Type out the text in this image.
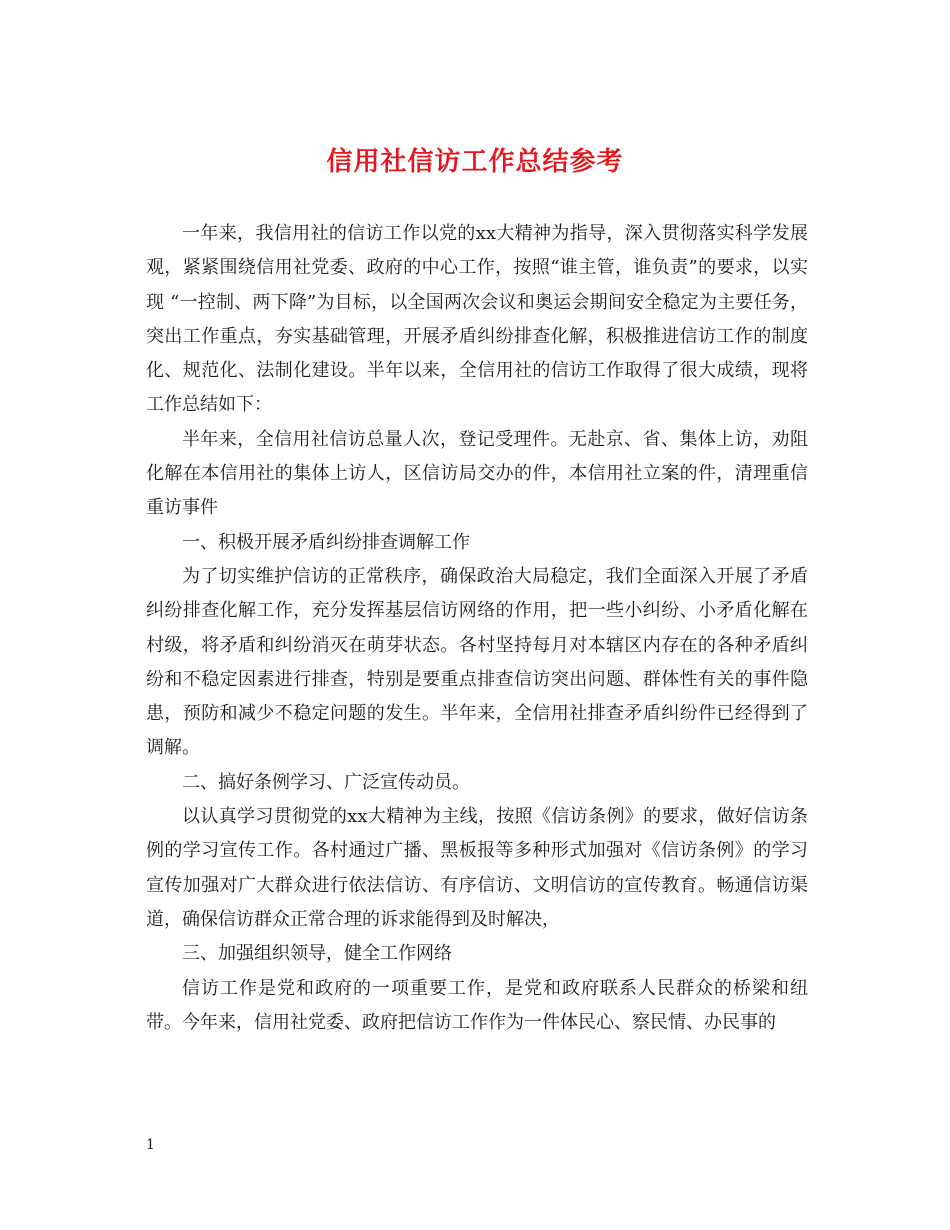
信用社信访工作总结参考

一年来，我信用社的信访工作以党的xx大精神为指导，深入贯彻落实科学发展观，紧紧围绕信用社党委、政府的中心工作，按照“谁主管，谁负责”的要求，以实现 “一控制、两下降”为目标，以全国两次会议和奥运会期间安全稳定为主要任务，突出工作重点，夯实基础管理，开展矛盾纠纷排查化解，积极推进信访工作的制度化、规范化、法制化建设。半年以来，全信用社的信访工作取得了很大成绩，现将工作总结如下：

半年来，全信用社信访总量人次，登记受理件。无赴京、省、集体上访，劝阻化解在本信用社的集体上访人，区信访局交办的件，本信用社立案的件，清理重信重访事件

一、积极开展矛盾纠纷排查调解工作

为了切实维护信访的正常秩序，确保政治大局稳定，我们全面深入开展了矛盾纠纷排查化解工作，充分发挥基层信访网络的作用，把一些小纠纷、小矛盾化解在村级，将矛盾和纠纷消灭在萌芽状态。各村坚持每月对本辖区内存在的各种矛盾纠纷和不稳定因素进行排查，特别是要重点排查信访突出问题、群体性有关的事件隐患，预防和减少不稳定问题的发生。半年来，全信用社排查矛盾纠纷件已经得到了调解。

二、搞好条例学习、广泛宣传动员。

以认真学习贯彻党的xx大精神为主线，按照《信访条例》的要求，做好信访条例的学习宣传工作。各村通过广播、黑板报等多种形式加强对《信访条例》的学习宣传加强对广大群众进行依法信访、有序信访、文明信访的宣传教育。畅通信访渠道，确保信访群众正常合理的诉求能得到及时解决，

三、加强组织领导，健全工作网络

信访工作是党和政府的一项重要工作，是党和政府联系人民群众的桥梁和纽带。今年来，信用社党委、政府把信访工作作为一件体民心、察民情、办民事的

1
